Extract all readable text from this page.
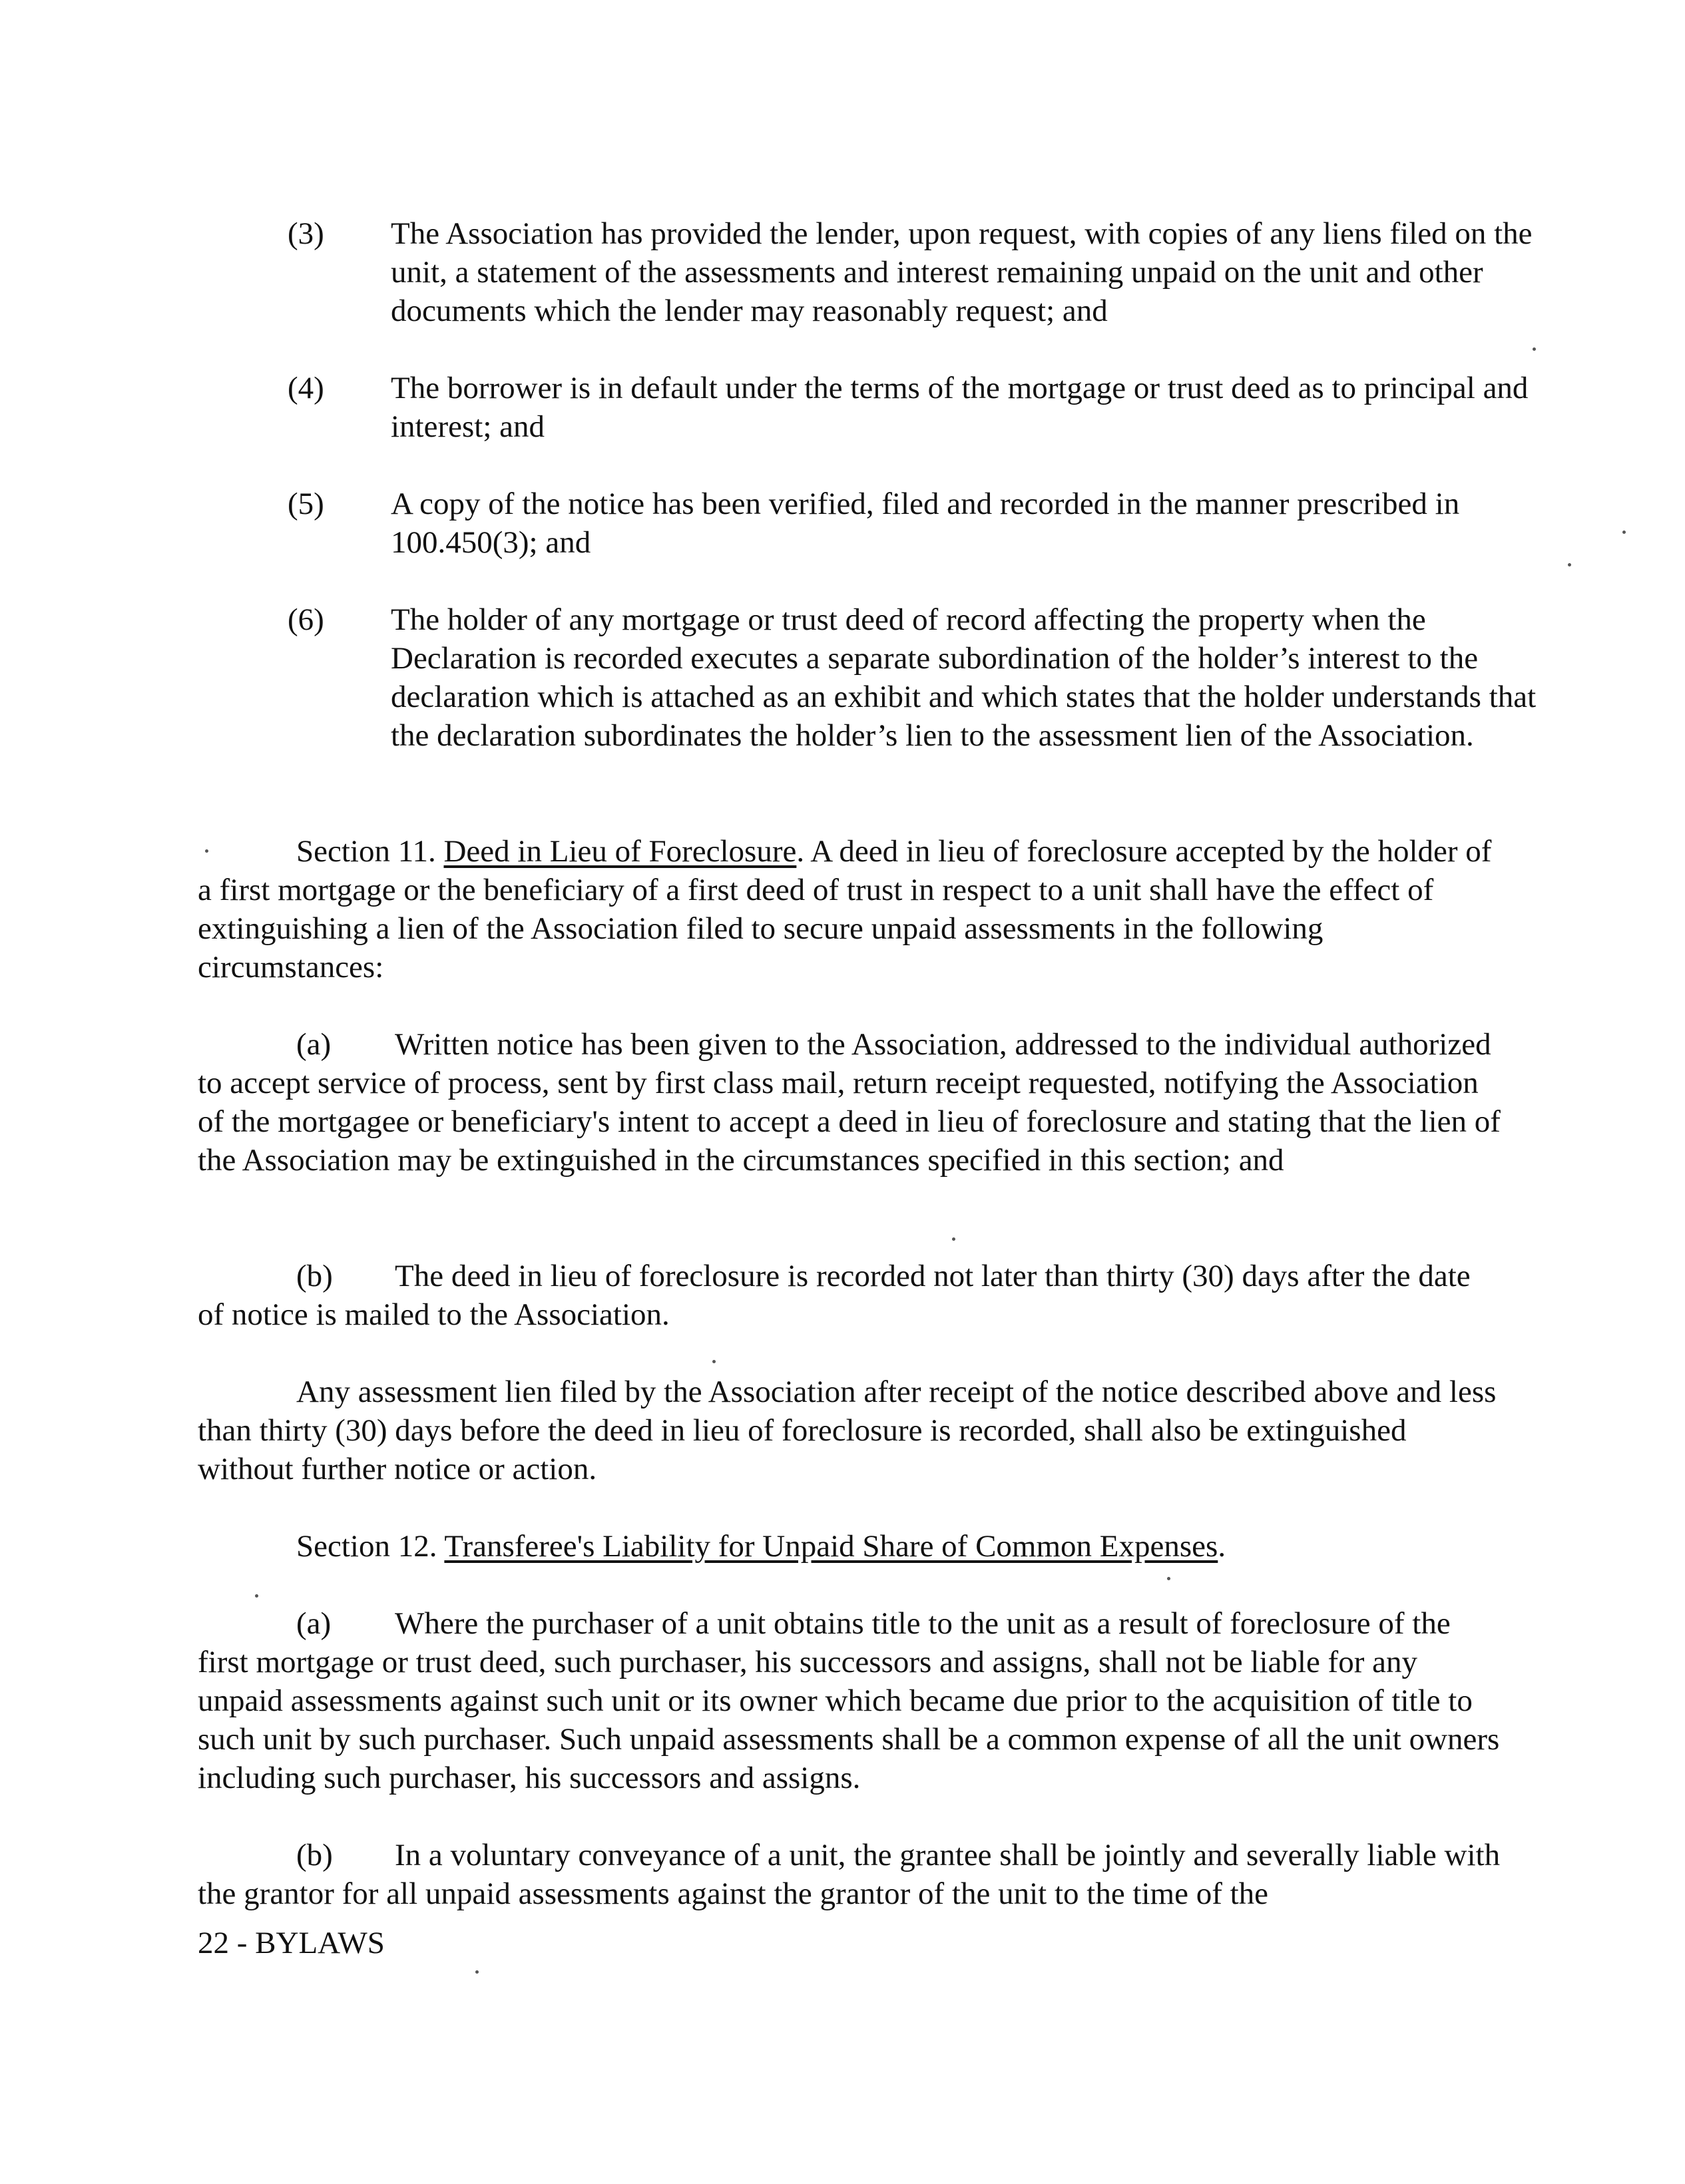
(3) The Association has provided the lender, upon request, with copies of any liens filed on the unit, a statement of the assessments and interest remaining unpaid on the unit and other documents which the lender may reasonably request; and
(4) The borrower is in default under the terms of the mortgage or trust deed as to principal and interest; and
(5) A copy of the notice has been verified, filed and recorded in the manner prescribed in 100.450(3); and
(6) The holder of any mortgage or trust deed of record affecting the property when the Declaration is recorded executes a separate subordination of the holder’s interest to the declaration which is attached as an exhibit and which states that the holder understands that the declaration subordinates the holder’s lien to the assessment lien of the Association.
Section 11. Deed in Lieu of Foreclosure. A deed in lieu of foreclosure accepted by the holder of a first mortgage or the beneficiary of a first deed of trust in respect to a unit shall have the effect of extinguishing a lien of the Association filed to secure unpaid assessments in the following circumstances:
(a) Written notice has been given to the Association, addressed to the individual authorized to accept service of process, sent by first class mail, return receipt requested, notifying the Association of the mortgagee or beneficiary's intent to accept a deed in lieu of foreclosure and stating that the lien of the Association may be extinguished in the circumstances specified in this section; and
(b) The deed in lieu of foreclosure is recorded not later than thirty (30) days after the date of notice is mailed to the Association.
Any assessment lien filed by the Association after receipt of the notice described above and less than thirty (30) days before the deed in lieu of foreclosure is recorded, shall also be extinguished without further notice or action.
Section 12. Transferee's Liability for Unpaid Share of Common Expenses.
(a) Where the purchaser of a unit obtains title to the unit as a result of foreclosure of the first mortgage or trust deed, such purchaser, his successors and assigns, shall not be liable for any unpaid assessments against such unit or its owner which became due prior to the acquisition of title to such unit by such purchaser. Such unpaid assessments shall be a common expense of all the unit owners including such purchaser, his successors and assigns.
(b) In a voluntary conveyance of a unit, the grantee shall be jointly and severally liable with the grantor for all unpaid assessments against the grantor of the unit to the time of the
22 - BYLAWS
